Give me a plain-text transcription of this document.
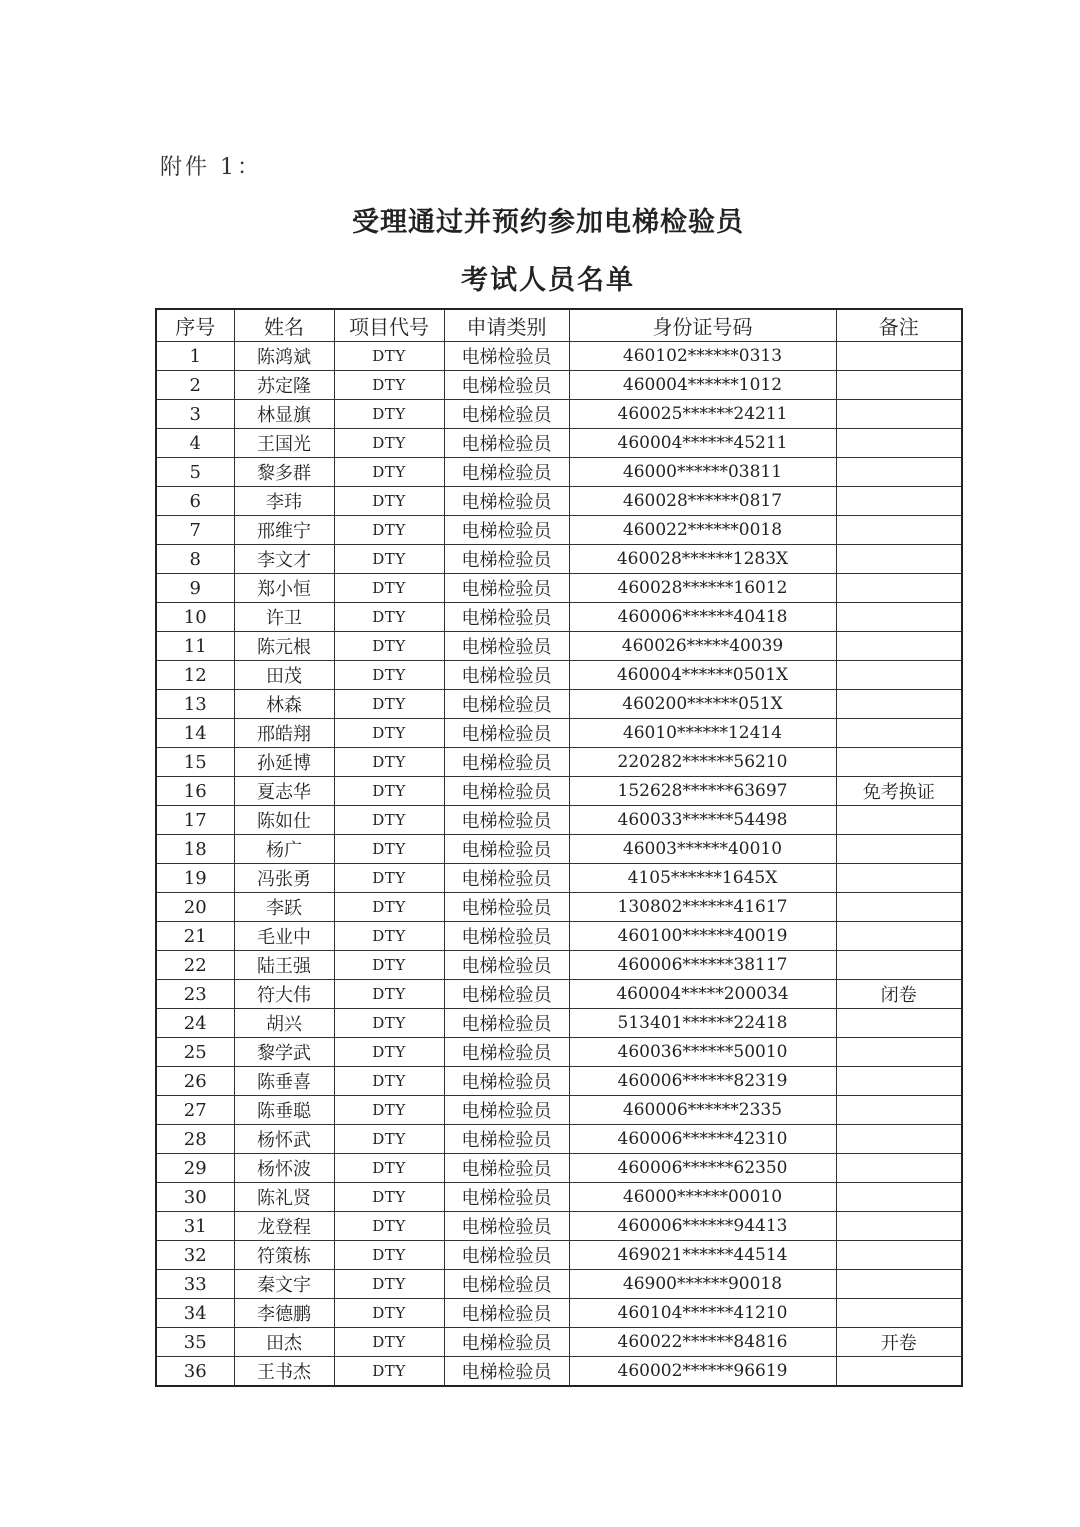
附件 1：
受理通过并预约参加电梯检验员
考试人员名单
序号	姓名	项目代号	申请类别	身份证号码	备注
1	陈鸿斌	DTY	电梯检验员	460102******0313	
2	苏定隆	DTY	电梯检验员	460004******1012	
3	林显旗	DTY	电梯检验员	460025******24211	
4	王国光	DTY	电梯检验员	460004******45211	
5	黎多群	DTY	电梯检验员	46000******03811	
6	李玮	DTY	电梯检验员	460028******0817	
7	邢维宁	DTY	电梯检验员	460022******0018	
8	李文才	DTY	电梯检验员	460028******1283X	
9	郑小恒	DTY	电梯检验员	460028******16012	
10	许卫	DTY	电梯检验员	460006******40418	
11	陈元根	DTY	电梯检验员	460026*****40039	
12	田茂	DTY	电梯检验员	460004******0501X	
13	林森	DTY	电梯检验员	460200******051X	
14	邢皓翔	DTY	电梯检验员	46010******12414	
15	孙延博	DTY	电梯检验员	220282******56210	
16	夏志华	DTY	电梯检验员	152628******63697	免考换证
17	陈如仕	DTY	电梯检验员	460033******54498	
18	杨广	DTY	电梯检验员	46003******40010	
19	冯张勇	DTY	电梯检验员	4105******1645X	
20	李跃	DTY	电梯检验员	130802******41617	
21	毛业中	DTY	电梯检验员	460100******40019	
22	陆王强	DTY	电梯检验员	460006******38117	
23	符大伟	DTY	电梯检验员	460004*****200034	闭卷
24	胡兴	DTY	电梯检验员	513401******22418	
25	黎学武	DTY	电梯检验员	460036******50010	
26	陈垂喜	DTY	电梯检验员	460006******82319	
27	陈垂聪	DTY	电梯检验员	460006******2335	
28	杨怀武	DTY	电梯检验员	460006******42310	
29	杨怀波	DTY	电梯检验员	460006******62350	
30	陈礼贤	DTY	电梯检验员	46000******00010	
31	龙登程	DTY	电梯检验员	460006******94413	
32	符策栋	DTY	电梯检验员	469021******44514	
33	秦文宇	DTY	电梯检验员	46900******90018	
34	李德鹏	DTY	电梯检验员	460104******41210	
35	田杰	DTY	电梯检验员	460022******84816	开卷
36	王书杰	DTY	电梯检验员	460002******96619	
